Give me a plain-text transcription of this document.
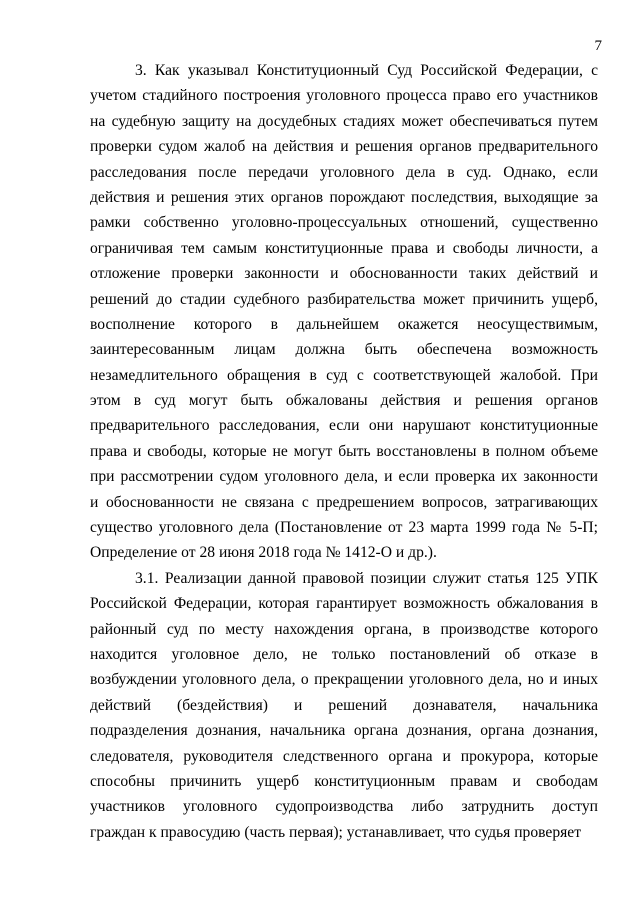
7
3. Как указывал Конституционный Суд Российской Федерации, с
учетом стадийного построения уголовного процесса право его участников
на судебную защиту на досудебных стадиях может обеспечиваться путем
проверки судом жалоб на действия и решения органов предварительного
расследования после передачи уголовного дела в суд. Однако, если
действия и решения этих органов порождают последствия, выходящие за
рамки собственно уголовно-процессуальных отношений, существенно
ограничивая тем самым конституционные права и свободы личности, а
отложение проверки законности и обоснованности таких действий и
решений до стадии судебного разбирательства может причинить ущерб,
восполнение которого в дальнейшем окажется неосуществимым,
заинтересованным лицам должна быть обеспечена возможность
незамедлительного обращения в суд с соответствующей жалобой. При
этом в суд могут быть обжалованы действия и решения органов
предварительного расследования, если они нарушают конституционные
права и свободы, которые не могут быть восстановлены в полном объеме
при рассмотрении судом уголовного дела, и если проверка их законности
и обоснованности не связана с предрешением вопросов, затрагивающих
существо уголовного дела (Постановление от 23 марта 1999 года № 5-П;
Определение от 28 июня 2018 года № 1412-О и др.).
3.1. Реализации данной правовой позиции служит статья 125 УПК
Российской Федерации, которая гарантирует возможность обжалования в
районный суд по месту нахождения органа, в производстве которого
находится уголовное дело, не только постановлений об отказе в
возбуждении уголовного дела, о прекращении уголовного дела, но и иных
действий (бездействия) и решений дознавателя, начальника
подразделения дознания, начальника органа дознания, органа дознания,
следователя, руководителя следственного органа и прокурора, которые
способны причинить ущерб конституционным правам и свободам
участников уголовного судопроизводства либо затруднить доступ
граждан к правосудию (часть первая); устанавливает, что судья проверяет
